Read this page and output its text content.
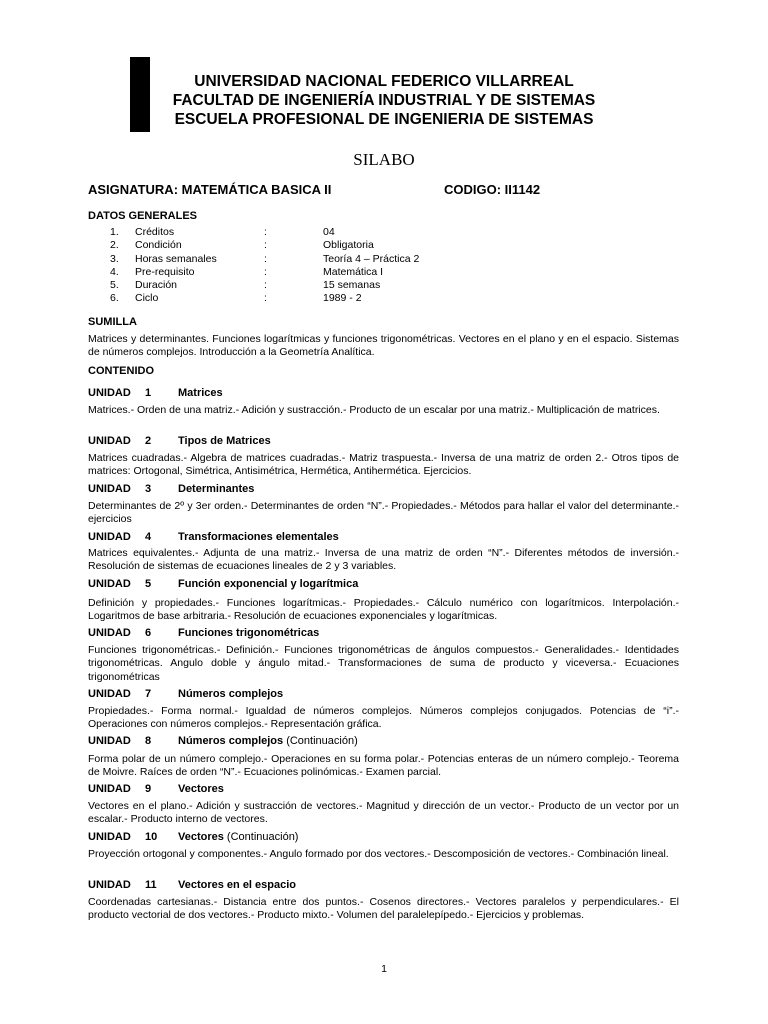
UNIVERSIDAD NACIONAL FEDERICO VILLARREAL
FACULTAD DE INGENIERÍA INDUSTRIAL Y DE SISTEMAS
ESCUELA PROFESIONAL DE INGENIERIA DE SISTEMAS
SILABO
ASIGNATURA: MATEMÁTICA BASICA II	CODIGO: II1142
DATOS GENERALES
1. Créditos	:	04
2. Condición	:	Obligatoria
3. Horas semanales	:	Teoría 4 – Práctica 2
4. Pre-requisito	:	Matemática I
5. Duración	:	15 semanas
6. Ciclo	:	1989 - 2
SUMILLA
Matrices y determinantes. Funciones logarítmicas y funciones trigonométricas. Vectores en el plano y en el espacio. Sistemas de números complejos. Introducción a la Geometría Analítica.
CONTENIDO
UNIDAD 1 Matrices
Matrices.- Orden de una matriz.- Adición y sustracción.- Producto de un escalar por una matriz.- Multiplicación de matrices.
UNIDAD 2 Tipos de Matrices
Matrices cuadradas.- Algebra de matrices cuadradas.- Matriz traspuesta.- Inversa de una matriz de orden 2.- Otros tipos de matrices: Ortogonal, Simétrica, Antisimétrica, Hermética, Antihermética. Ejercicios.
UNIDAD 3 Determinantes
Determinantes de 2º y 3er orden.- Determinantes de orden “N”.- Propiedades.- Métodos para hallar el valor del determinante.- ejercicios
UNIDAD 4 Transformaciones elementales
Matrices equivalentes.- Adjunta de una matriz.- Inversa de una matriz de orden “N”.- Diferentes métodos de inversión.- Resolución de sistemas de ecuaciones lineales de 2 y 3 variables.
UNIDAD 5 Función exponencial y logarítmica
Definición y propiedades.- Funciones logarítmicas.- Propiedades.- Cálculo numérico con logarítmicos. Interpolación.- Logaritmos de base arbitraria.- Resolución de ecuaciones exponenciales y logarítmicas.
UNIDAD 6 Funciones trigonométricas
Funciones trigonométricas.- Definición.- Funciones trigonométricas de ángulos compuestos.- Generalidades.- Identidades trigonométricas. Angulo doble y ángulo mitad.- Transformaciones de suma de producto y viceversa.- Ecuaciones trigonométricas
UNIDAD 7 Números complejos
Propiedades.- Forma normal.- Igualdad de números complejos. Números complejos conjugados. Potencias de “i”.- Operaciones con números complejos.- Representación gráfica.
UNIDAD 8 Números complejos (Continuación)
Forma polar de un número complejo.- Operaciones en su forma polar.- Potencias enteras de un número complejo.- Teorema de Moivre. Raíces de orden “N”.- Ecuaciones polinómicas.- Examen parcial.
UNIDAD 9 Vectores
Vectores en el plano.- Adición y sustracción de vectores.- Magnitud y dirección de un vector.- Producto de un vector por un escalar.- Producto interno de vectores.
UNIDAD 10 Vectores (Continuación)
Proyección ortogonal y componentes.- Angulo formado por dos vectores.- Descomposición de vectores.- Combinación lineal.
UNIDAD 11 Vectores en el espacio
Coordenadas cartesianas.- Distancia entre dos puntos.- Cosenos directores.- Vectores paralelos y perpendiculares.- El producto vectorial de dos vectores.- Producto mixto.- Volumen del paralelepípedo.- Ejercicios y problemas.
1
